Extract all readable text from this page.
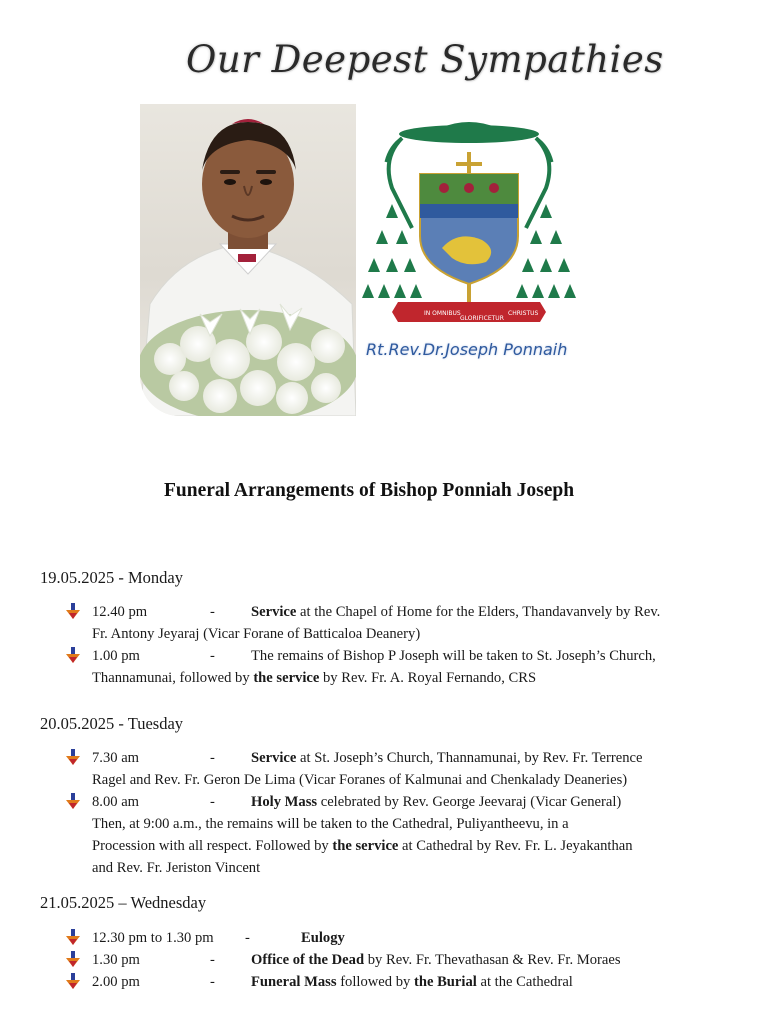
Our Deepest Sympathies
IN OMNIBUS
GLORIFICETUR
CHRISTUS
Rt.Rev.Dr.Joseph Ponnaih
Funeral Arrangements of Bishop Ponniah Joseph
19.05.2025 - Monday
12.40 pm	-	Service at the Chapel of Home for the Elders, Thandavanvely by Rev.
Fr. Antony Jeyaraj (Vicar Forane of Batticaloa Deanery)
1.00 pm	-	The remains of Bishop P Joseph will be taken to St. Joseph’s Church,
Thannamunai, followed by the service by Rev. Fr. A. Royal Fernando, CRS
20.05.2025 - Tuesday
7.30 am	-	Service at St. Joseph’s Church, Thannamunai, by Rev. Fr. Terrence
Ragel and Rev. Fr. Geron De Lima (Vicar Foranes of Kalmunai and Chenkalady Deaneries)
8.00 am	-	Holy Mass celebrated by Rev. George Jeevaraj (Vicar General)
Then, at 9:00 a.m., the remains will be taken to the Cathedral, Puliyantheevu, in a
Procession with all respect. Followed by the service at Cathedral by Rev. Fr. L. Jeyakanthan
and Rev. Fr. Jeriston Vincent
21.05.2025 – Wednesday
12.30 pm to 1.30 pm	-	Eulogy
1.30 pm	-	Office of the Dead by Rev. Fr. Thevathasan & Rev. Fr. Moraes
2.00 pm	-	Funeral Mass followed by the Burial at the Cathedral
